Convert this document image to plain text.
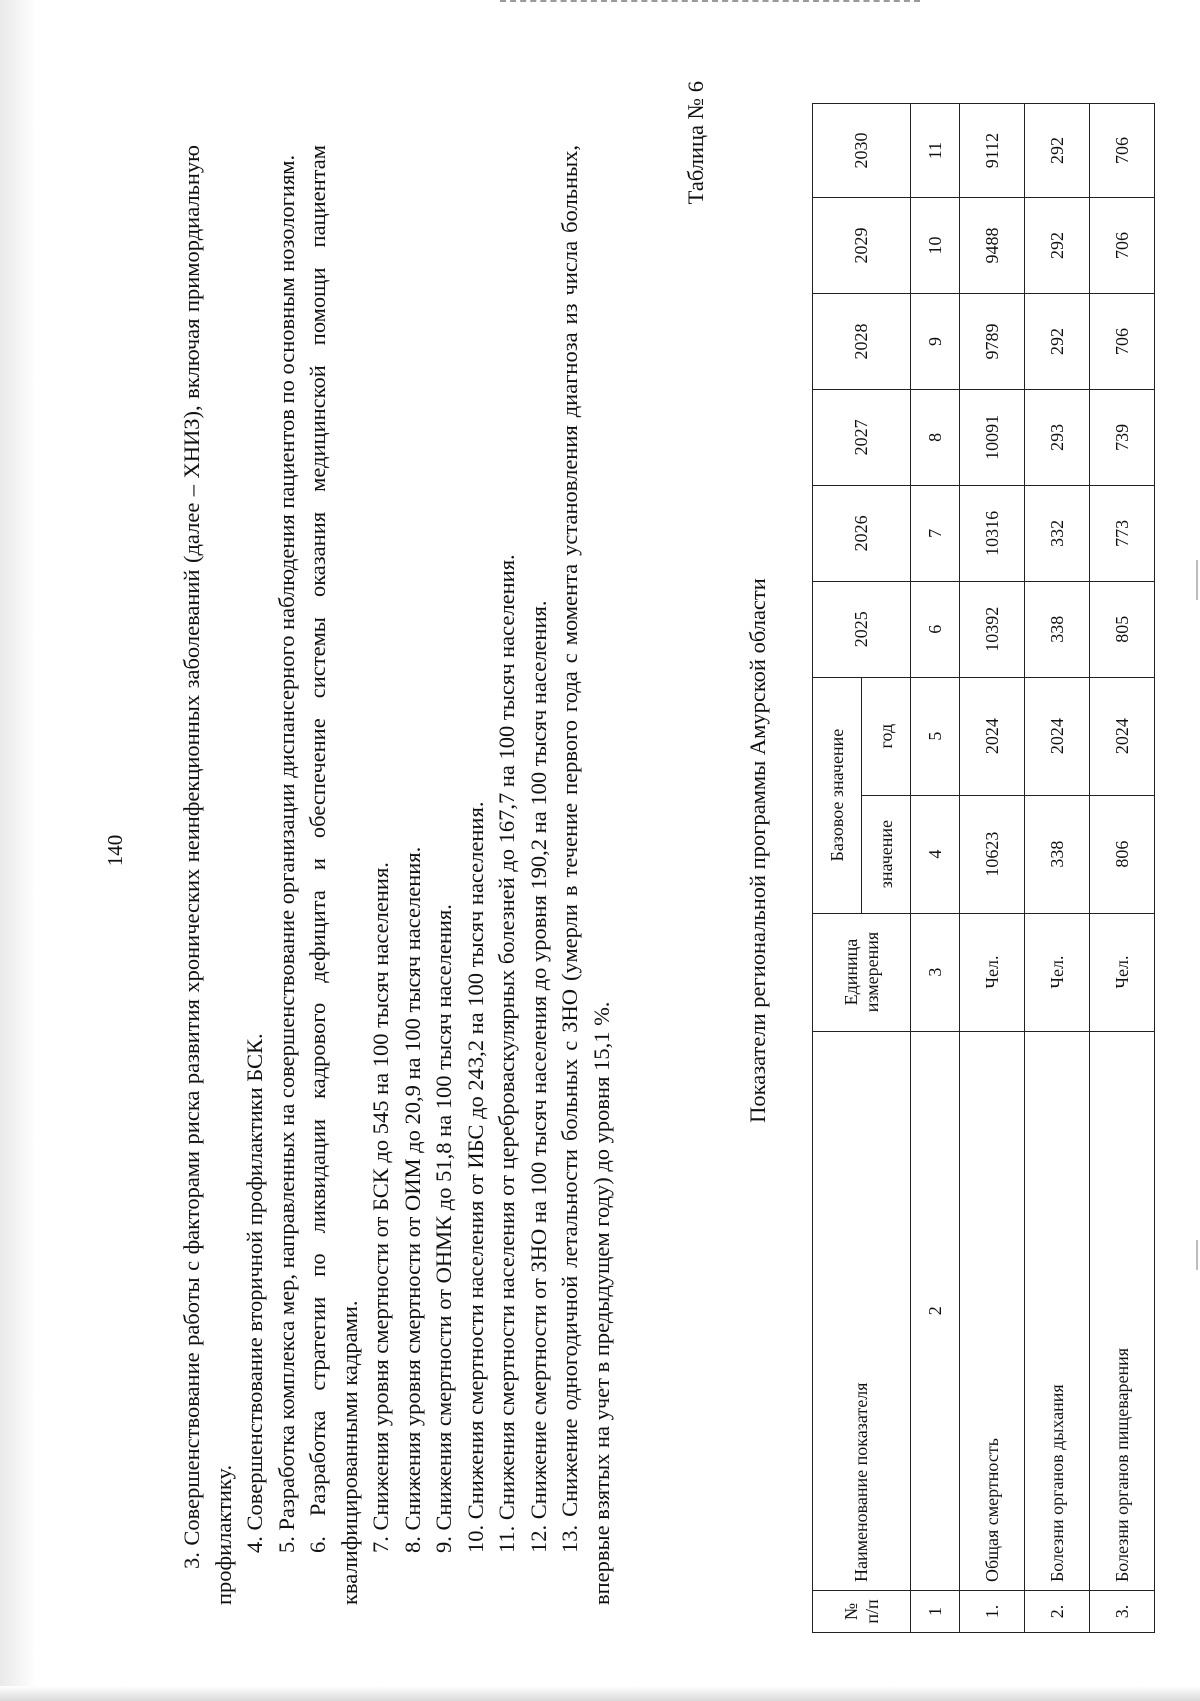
140 3. Совершенствование работы с факторами риска развития хронических неинфекционных заболеваний (далее – ХНИЗ), включая примордиальную профилактику. 4. Совершенствование вторичной профилактики БСК. 5. Разработка комплекса мер, направленных на совершенствование организации диспансерного наблюдения пациентов по основным нозологиям. 6. Разработка стратегии по ликвидации кадрового дефицита и обеспечение системы оказания медицинской помощи пациентам квалифицированными кадрами. 7. Снижения уровня смертности от БСК до 545 на 100 тысяч населения. 8. Снижения уровня смертности от ОИМ до 20,9 на 100 тысяч населения. 9. Снижения смертности от ОНМК до 51,8 на 100 тысяч населения. 10. Снижения смертности населения от ИБС до 243,2 на 100 тысяч населения. 11. Снижения смертности населения от цереброваскулярных болезней до 167,7 на 100 тысяч населения. 12. Снижение смертности от ЗНО на 100 тысяч населения до уровня 190,2 на 100 тысяч населения. 13. Снижение одногодичной летальности больных с ЗНО (умерли в течение первого года с момента установления диагноза из числа больных, впервые взятых на учет в предыдущем году) до уровня 15,1 %.

Таблица № 6
Показатели региональной программы Амурской области
№ п/п	Наименование показателя	Единица измерения	Базовое значение		2025	2026	2027	2028	2029	2030
			значение	год						
1	2	3	4	5	6	7	8	9	10	11
1.	Общая смертность	Чел.	10623	2024	10392	10316	10091	9789	9488	9112
2.	Болезни органов дыхания	Чел.	338	2024	338	332	293	292	292	292
3.	Болезни органов пищеварения	Чел.	806	2024	805	773	739	706	706	706
